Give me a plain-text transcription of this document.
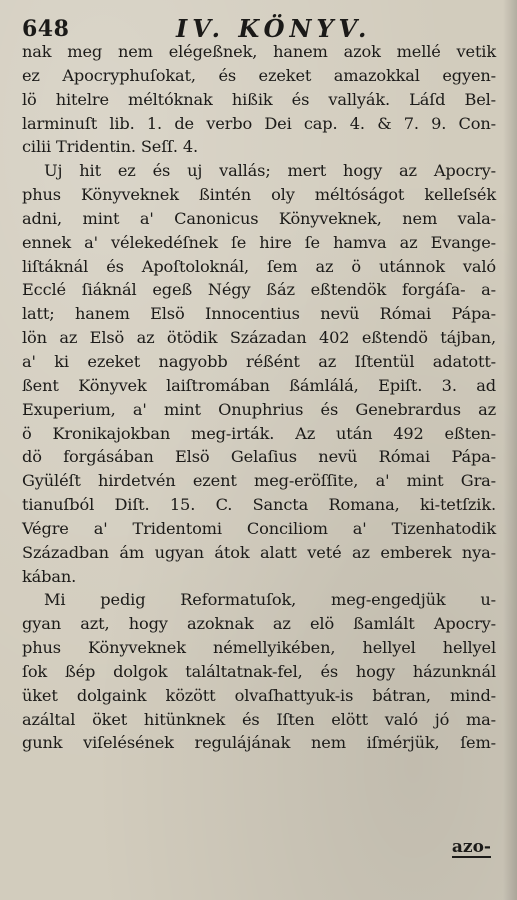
648	IV. KÖNYV.
nak meg nem elégeßnek, hanem azok mellé vetik
ez Apocryphuſokat, és ezeket amazokkal egyen-
lö hitelre méltóknak hißik és vallyák. Láſd Bel-
larminuſt lib. 1. de verbo Dei cap. 4. & 7. 9. Con-
cilii Tridentin. Seſſ. 4.
Uj hit ez és uj vallás; mert hogy az Apocry-
phus Könyveknek ßintén oly méltóságot kelleſsék
adni, mint a' Canonicus Könyveknek, nem vala-
ennek a' vélekedéſnek ſe hire ſe hamva az Evange-
liſtáknál és Apoſtoloknál, ſem az ö utánnok való
Ecclé ſiáknál egeß Négy ßáz eßtendök forgáſa- a-
latt; hanem Elsö Innocentius nevü Római Pápa-
lön az Elsö az ötödik Századan 402 eßtendö tájban,
a' ki ezeket nagyobb réßént az Iſtentül adatott-
ßent Könyvek laiſtromában ßámlálá, Epiſt. 3. ad
Exuperium, a' mint Onuphrius és Genebrardus az
ö Kronikajokban meg-irták. Az után 492 eßten-
dö forgásában Elsö Gelaſius nevü Római Pápa-
Gyüléſt hirdetvén ezent meg-eröſſite, a' mint Gra-
tianuſból Diſt. 15. C. Sancta Romana, ki-tetſzik.
Végre a' Tridentomi Conciliom a' Tizenhatodik
Században ám ugyan átok alatt veté az emberek nya-
kában.
Mi pedig Reformatuſok, meg-engedjük u-
gyan azt, hogy azoknak az elö ßamlált Apocry-
phus Könyveknek némellyikében, hellyel hellyel
ſok ßép dolgok találtatnak-fel, és hogy házunknál
üket dolgaink között olvaſhattyuk-is bátran, mind-
azáltal öket hitünknek és Iſten elött való jó ma-
gunk viſelésének regulájának nem iſmérjük, ſem-
azo-
